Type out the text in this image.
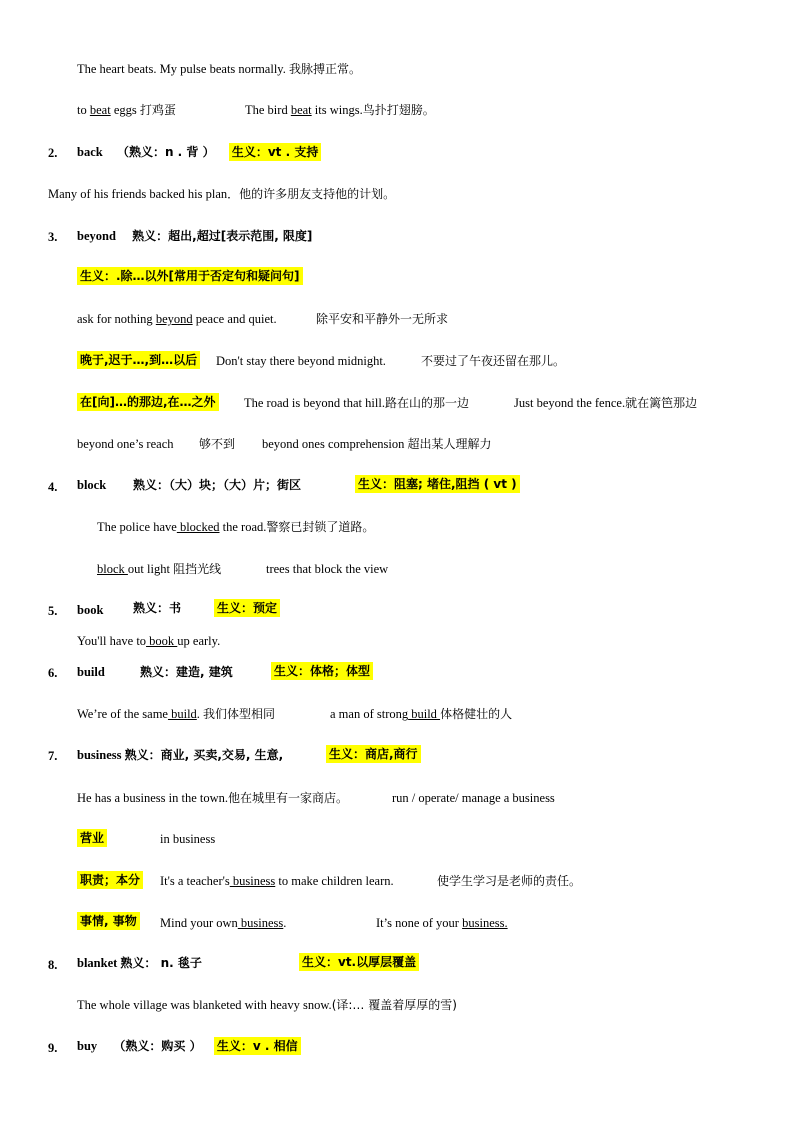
The heart beats. My pulse beats normally. 我脉搏正常。
to beat eggs 打鸡蛋	The bird beat its wings.鸟扑打翅膀。
2. back （熟义：n . 背 ） 生义：vt . 支持
Many of his friends backed his plan．他的许多朋友支持他的计划。
3. beyond 熟义：超出,超过[表示范围, 限度]
生义：.除…以外[常用于否定句和疑问句]
ask for nothing beyond peace and quiet.	除平安和平静外一无所求
晚于,迟于…,到…以后 Don't stay there beyond midnight.	不要过了午夜还留在那儿。
在[向]…的那边,在…之外 The road is beyond that hill.路在山的那一边	Just beyond the fence.就在篱笆那边
beyond one’s reach 够不到 beyond ones comprehension 超出某人理解力
4. block 熟义：（大）块；（大）片；街区	生义：阻塞; 堵住,阻挡 ( vt )
The police have blocked the road.警察已封锁了道路。
block out light 阻挡光线	trees that block the view
5. book 熟义：书	生义：预定
You'll have to book up early.
6. build	熟义：建造, 建筑	生义：体格；体型
We’re of the same build. 我们体型相同	a man of strong build 体格健壮的人
7. business 熟义：商业, 买卖,交易, 生意,	生义：商店,商行
He has a business in the town.他在城里有一家商店。	run / operate/ manage a business
营业	in business
职责；本分 It's a teacher's business to make children learn.	使学生学习是老师的责任。
事情, 事物 Mind your own business.	It’s none of your business.
8. blanket 熟义： n. 毯子	生义：vt.以厚层覆盖
The whole village was blanketed with heavy snow.(译:… 覆盖着厚厚的雪)
9. buy （熟义：购买 ） 生义：v . 相信
